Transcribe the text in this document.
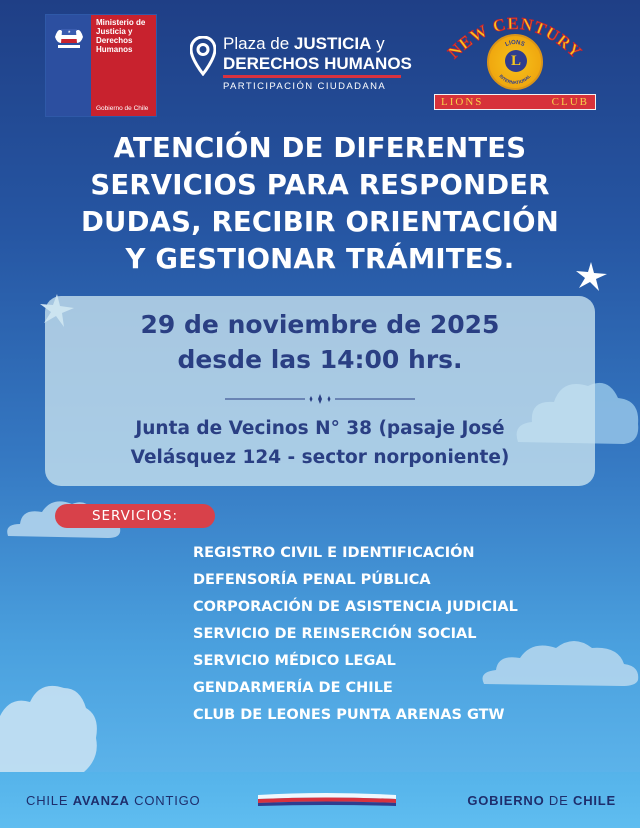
Ministerio de
Justicia y
Derechos
Humanos
Gobierno de Chile
Plaza de JUSTICIA y
DERECHOS HUMANOS
PARTICIPACIÓN CIUDADANA
NEW CENTURY
LIONS
INTERNATIONAL
L
LIONS	CLUB
ATENCIÓN DE DIFERENTES
SERVICIOS PARA RESPONDER
DUDAS, RECIBIR ORIENTACIÓN
Y GESTIONAR TRÁMITES.
29 de noviembre de 2025
desde las 14:00 hrs.
Junta de Vecinos N° 38 (pasaje José
Velásquez 124 - sector norponiente)
SERVICIOS:
REGISTRO CIVIL E IDENTIFICACIÓN
DEFENSORÍA PENAL PÚBLICA
CORPORACIÓN DE ASISTENCIA JUDICIAL
SERVICIO DE REINSERCIÓN SOCIAL
SERVICIO MÉDICO LEGAL
GENDARMERÍA DE CHILE
CLUB DE LEONES PUNTA ARENAS GTW
CHILE AVANZA CONTIGO	GOBIERNO DE CHILE
